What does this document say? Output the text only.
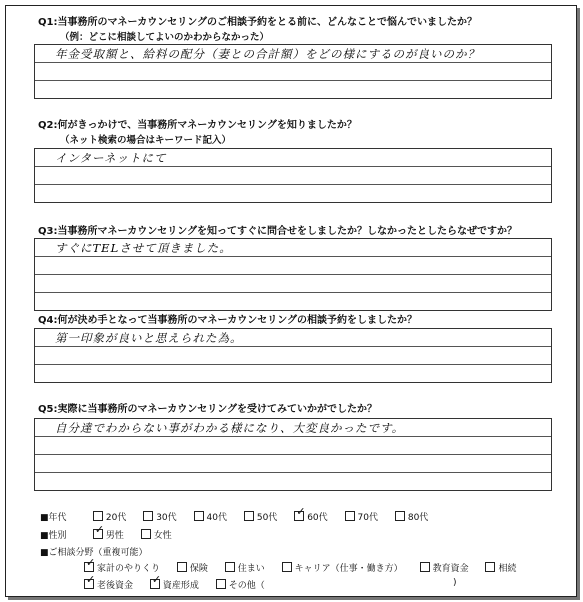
Q1:当事務所のマネーカウンセリングのご相談予約をとる前に、どんなことで悩んでいましたか？
（例：どこに相談してよいのかわからなかった）
年金受取額と、給料の配分（妻との合計額）をどの様にするのが良いのか？
Q2:何がきっかけで、当事務所マネーカウンセリングを知りましたか？
（ネット検索の場合はキーワード記入）
インターネットにて
Q3:当事務所マネーカウンセリングを知ってすぐに問合せをしましたか？しなかったとしたらなぜですか？
すぐにTELさせて頂きました。
Q4:何が決め手となって当事務所のマネーカウンセリングの相談予約をしましたか？
第一印象が良いと思えられた為。
Q5:実際に当事務所のマネーカウンセリングを受けてみていかがでしたか？
自分達でわからない事がわかる様になり、大変良かったです。
■年代	20代	30代	40代	50代 ✓	60代	70代	80代
■性別 ✓	男性	女性
■ご相談分野（重複可能）
✓家計のやりくり	保険	住まい	キャリア（仕事・働き方）	教育資金	相続
✓老後資金 ✓	資産形成	その他（	)
